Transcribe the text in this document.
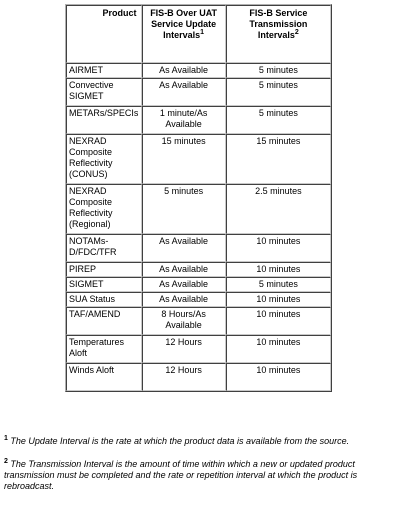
Product	FIS-B Over UAT Service Update Intervals$^1$	FIS-B Service Transmission Intervals$^2$
AIRMET	As Available	5 minutes
Convective SIGMET	As Available	5 minutes
METARs/SPECIs	1 minute/As Available	5 minutes
NEXRAD Composite Reflectivity (CONUS)	15 minutes	15 minutes
NEXRAD Composite Reflectivity (Regional)	5 minutes	2.5 minutes
NOTAMs-D/FDC/TFR	As Available	10 minutes
PIREP	As Available	10 minutes
SIGMET	As Available	5 minutes
SUA Status	As Available	10 minutes
TAF/AMEND	8 Hours/As Available	10 minutes
Temperatures Aloft	12 Hours	10 minutes
Winds Aloft	12 Hours	10 minutes

$^1$ The Update Interval is the rate at which the product data is available from the source.

$^2$ The Transmission Interval is the amount of time within which a new or updated product transmission must be completed and the rate or repetition interval at which the product is rebroadcast.
